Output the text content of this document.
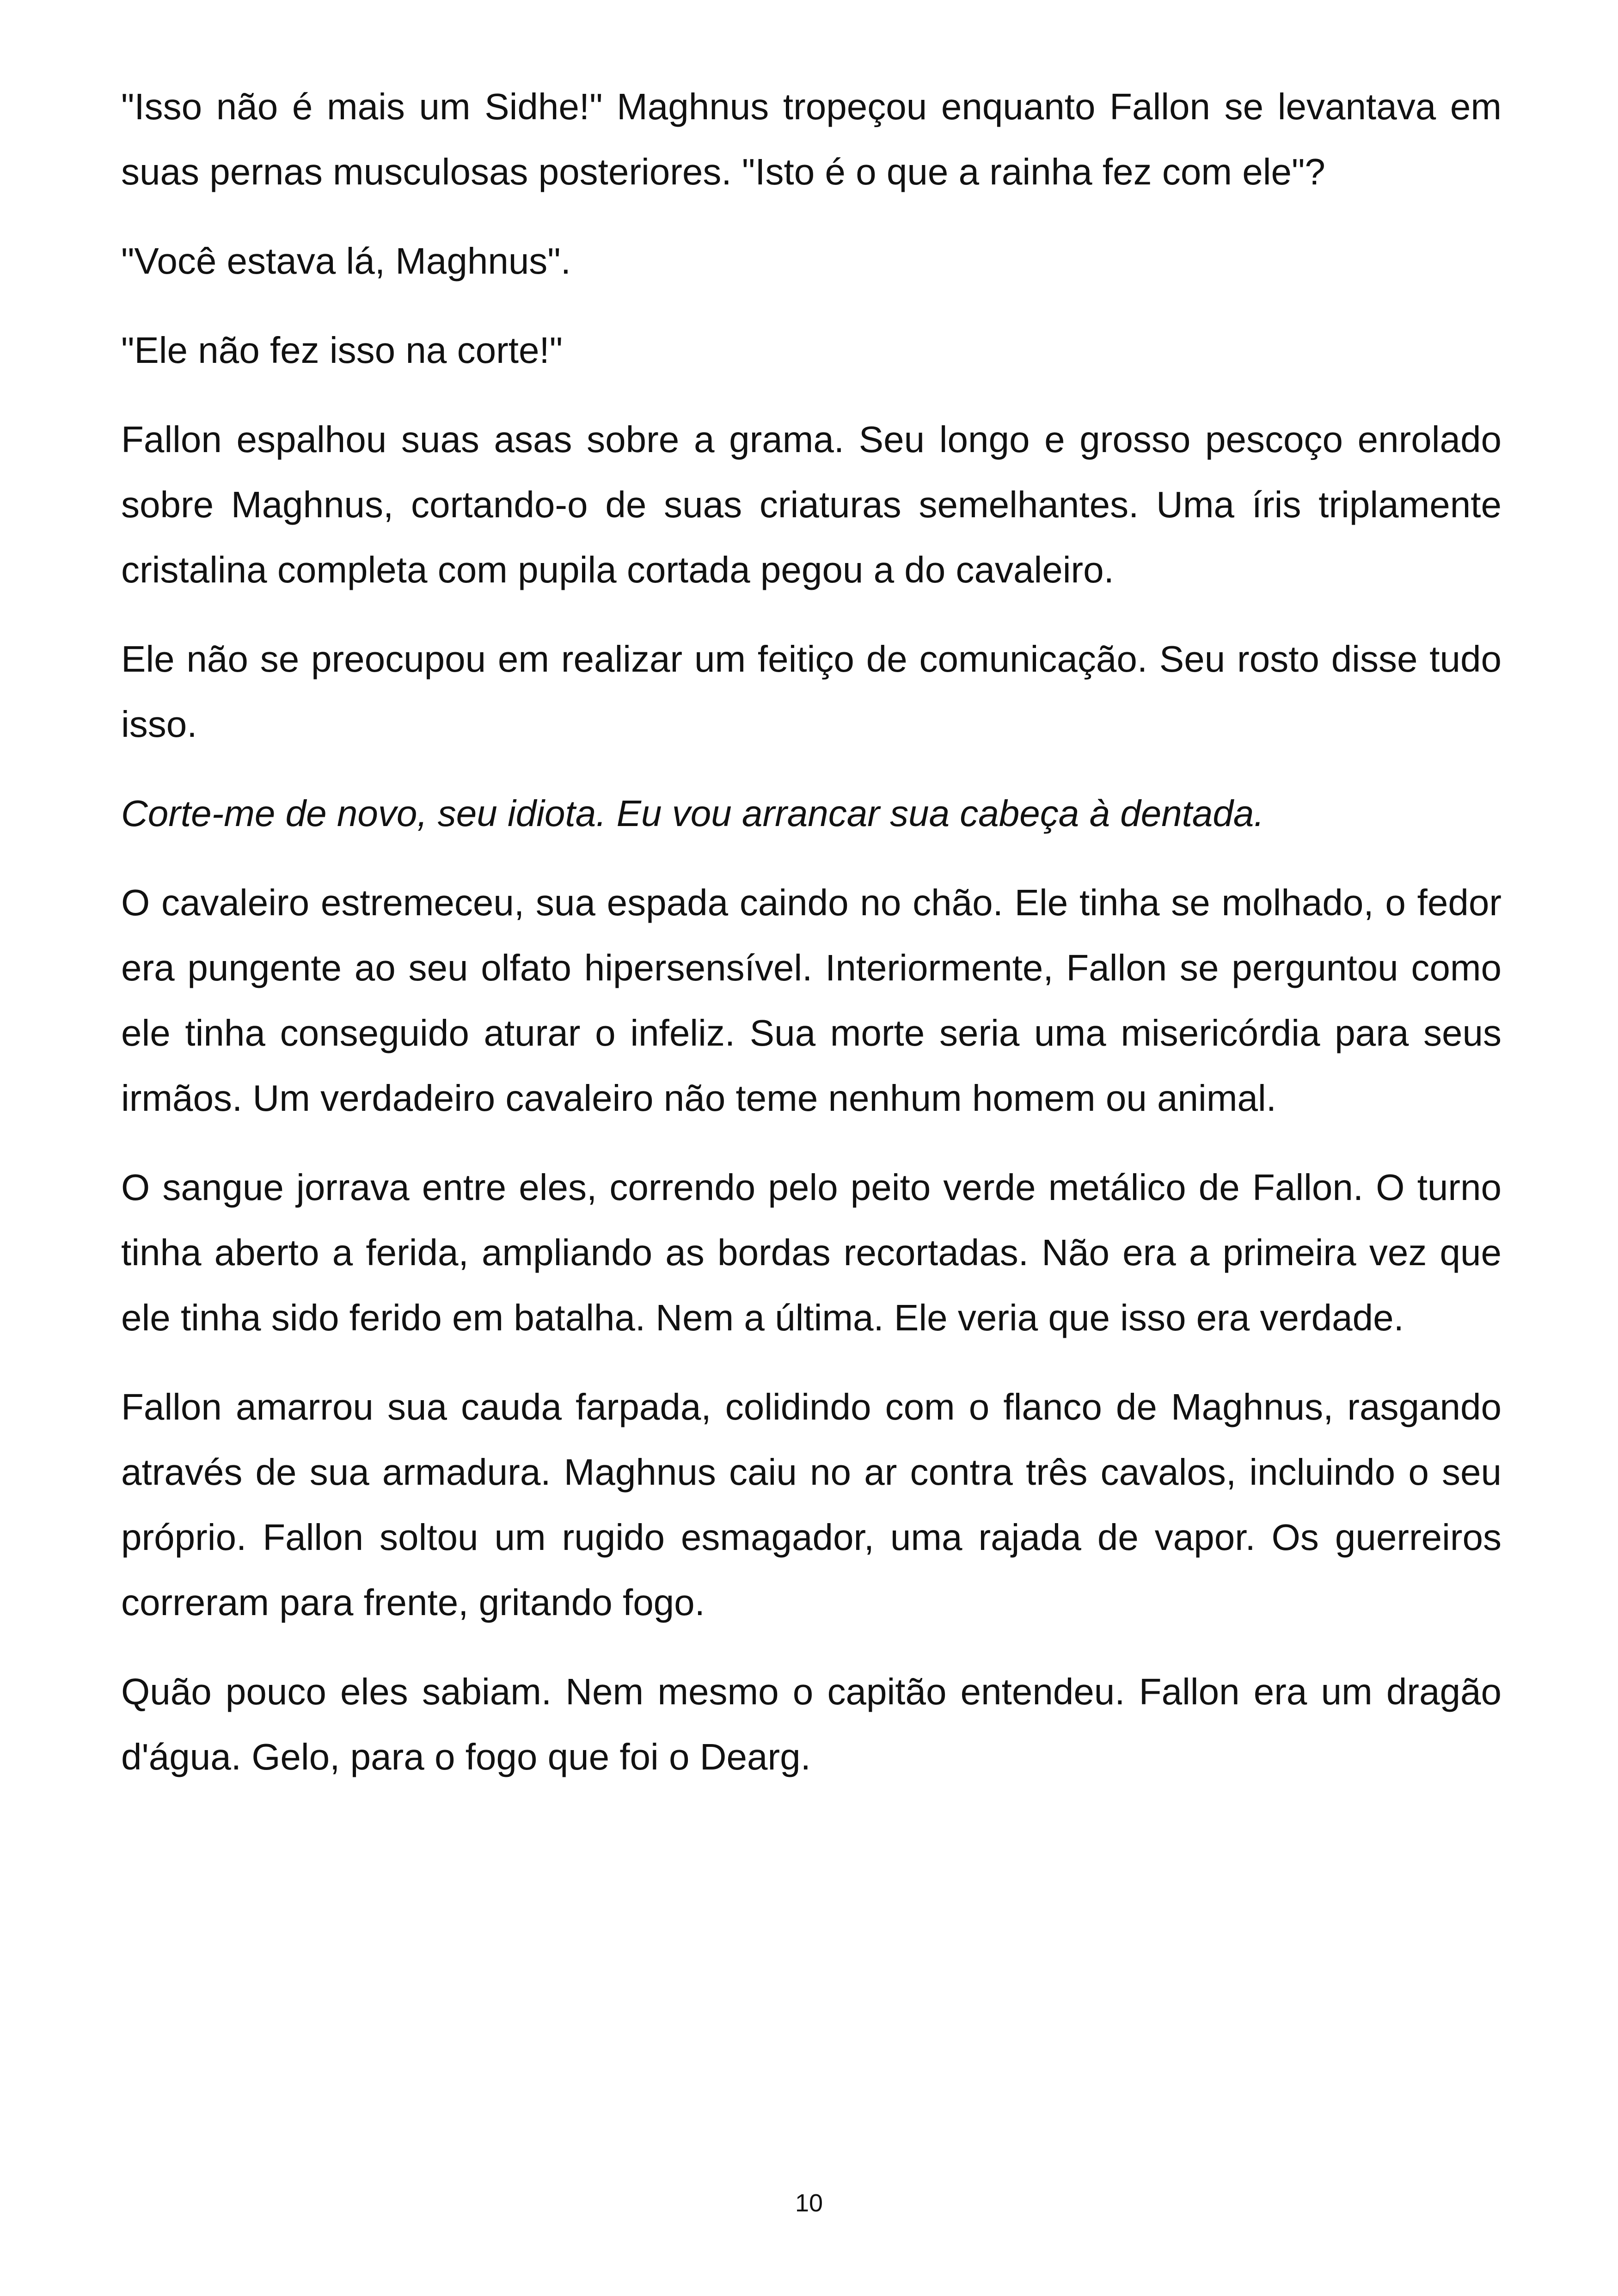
"Isso não é mais um Sidhe!" Maghnus tropeçou enquanto Fallon se levantava em suas pernas musculosas posteriores. "Isto é o que a rainha fez com ele"?

"Você estava lá, Maghnus".

"Ele não fez isso na corte!"

Fallon espalhou suas asas sobre a grama. Seu longo e grosso pescoço enrolado sobre Maghnus, cortando-o de suas criaturas semelhantes. Uma íris triplamente cristalina completa com pupila cortada pegou a do cavaleiro.

Ele não se preocupou em realizar um feitiço de comunicação. Seu rosto disse tudo isso.

Corte-me de novo, seu idiota. Eu vou arrancar sua cabeça à dentada.

O cavaleiro estremeceu, sua espada caindo no chão. Ele tinha se molhado, o fedor era pungente ao seu olfato hipersensível. Interiormente, Fallon se perguntou como ele tinha conseguido aturar o infeliz. Sua morte seria uma misericórdia para seus irmãos. Um verdadeiro cavaleiro não teme nenhum homem ou animal.

O sangue jorrava entre eles, correndo pelo peito verde metálico de Fallon. O turno tinha aberto a ferida, ampliando as bordas recortadas. Não era a primeira vez que ele tinha sido ferido em batalha. Nem a última. Ele veria que isso era verdade.

Fallon amarrou sua cauda farpada, colidindo com o flanco de Maghnus, rasgando através de sua armadura. Maghnus caiu no ar contra três cavalos, incluindo o seu próprio. Fallon soltou um rugido esmagador, uma rajada de vapor. Os guerreiros correram para frente, gritando fogo.

Quão pouco eles sabiam. Nem mesmo o capitão entendeu. Fallon era um dragão d'água. Gelo, para o fogo que foi o Dearg.

10
